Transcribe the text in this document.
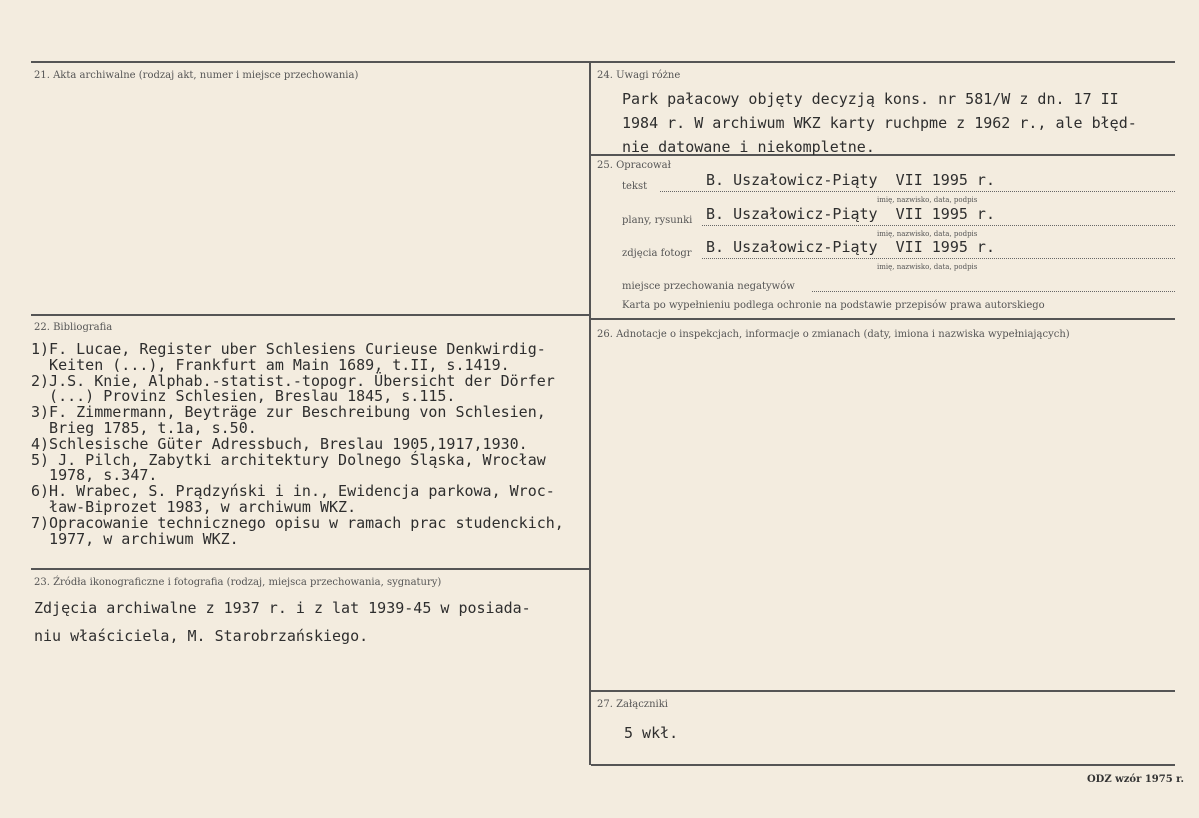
21. Akta archiwalne (rodzaj akt, numer i miejsce przechowania)
22. Bibliografia
1)F. Lucae, Register uber Schlesiens Curieuse Denkwirdig-
Keiten (...), Frankfurt am Main 1689, t.II, s.1419.
2)J.S. Knie, Alphab.-statist.-topogr. Übersicht der Dörfer
(...) Provinz Schlesien, Breslau 1845, s.115.
3)F. Zimmermann, Beyträge zur Beschreibung von Schlesien,
Brieg 1785, t.1a, s.50.
4)Schlesische Güter Adressbuch, Breslau 1905,1917,1930.
5) J. Pilch, Zabytki architektury Dolnego Śląska, Wrocław
1978, s.347.
6)H. Wrabec, S. Prądzyński i in., Ewidencja parkowa, Wroc-
ław-Biprozet 1983, w archiwum WKZ.
7)Opracowanie technicznego opisu w ramach prac studenckich,
1977, w archiwum WKZ.
23. Źródła ikonograficzne i fotografia (rodzaj, miejsca przechowania, sygnatury)
Zdjęcia archiwalne z 1937 r. i z lat 1939-45 w posiada-
niu właściciela, M. Starobrzańskiego.
24. Uwagi różne
Park pałacowy objęty decyzją kons. nr 581/W z dn. 17 II
1984 r. W archiwum WKZ karty ruchpme z 1962 r., ale błęd-
nie datowane i niekompletne.
25. Opracował
tekst	B. Uszałowicz-Piąty  VII 1995 r.
imię, nazwisko, data, podpis
plany, rysunki B. Uszałowicz-Piąty  VII 1995 r.
imię, nazwisko, data, podpis
zdjęcia fotogr B. Uszałowicz-Piąty  VII 1995 r.
imię, nazwisko, data, podpis
miejsce przechowania negatywów
Karta po wypełnieniu podlega ochronie na podstawie przepisów prawa autorskiego
26. Adnotacje o inspekcjach, informacje o zmianach (daty, imiona i nazwiska wypełniających)
27. Załączniki
5 wkł.
ODZ wzór 1975 r.
